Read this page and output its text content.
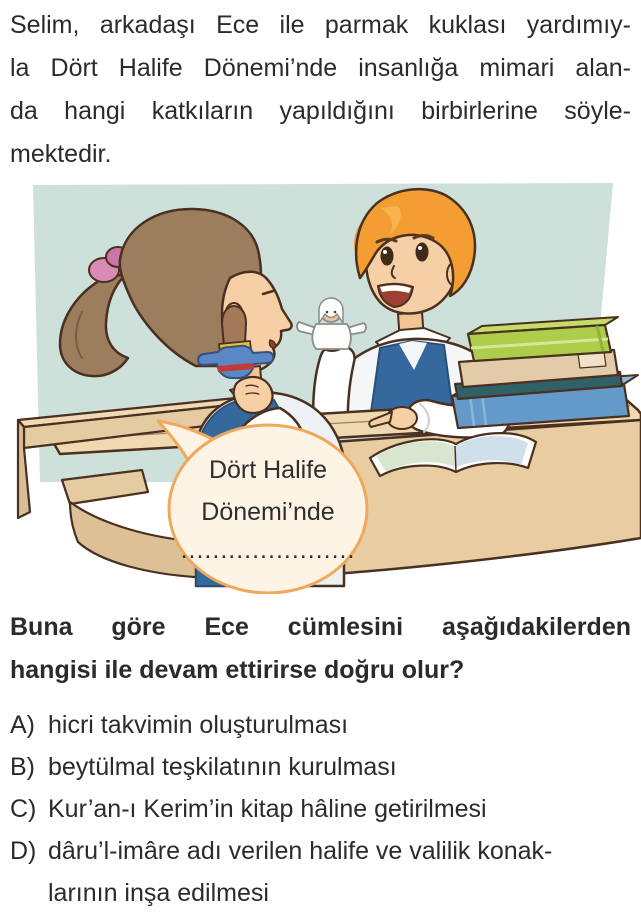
Selim, arkadaşı Ece ile parmak kuklası yardımıy-
la Dört Halife Dönemi’nde insanlığa mimari alan-
da hangi katkıların yapıldığını birbirlerine söyle-
mektedir.
Dört Halife
Dönemi’nde
......................
Buna göre Ece cümlesini aşağıdakilerden
hangisi ile devam ettirirse doğru olur?
A) hicri takvimin oluşturulması
B) beytülmal teşkilatının kurulması
C) Kur’an-ı Kerim’in kitap hâline getirilmesi
D) dâru’l-imâre adı verilen halife ve valilik konak-
larının inşa edilmesi
